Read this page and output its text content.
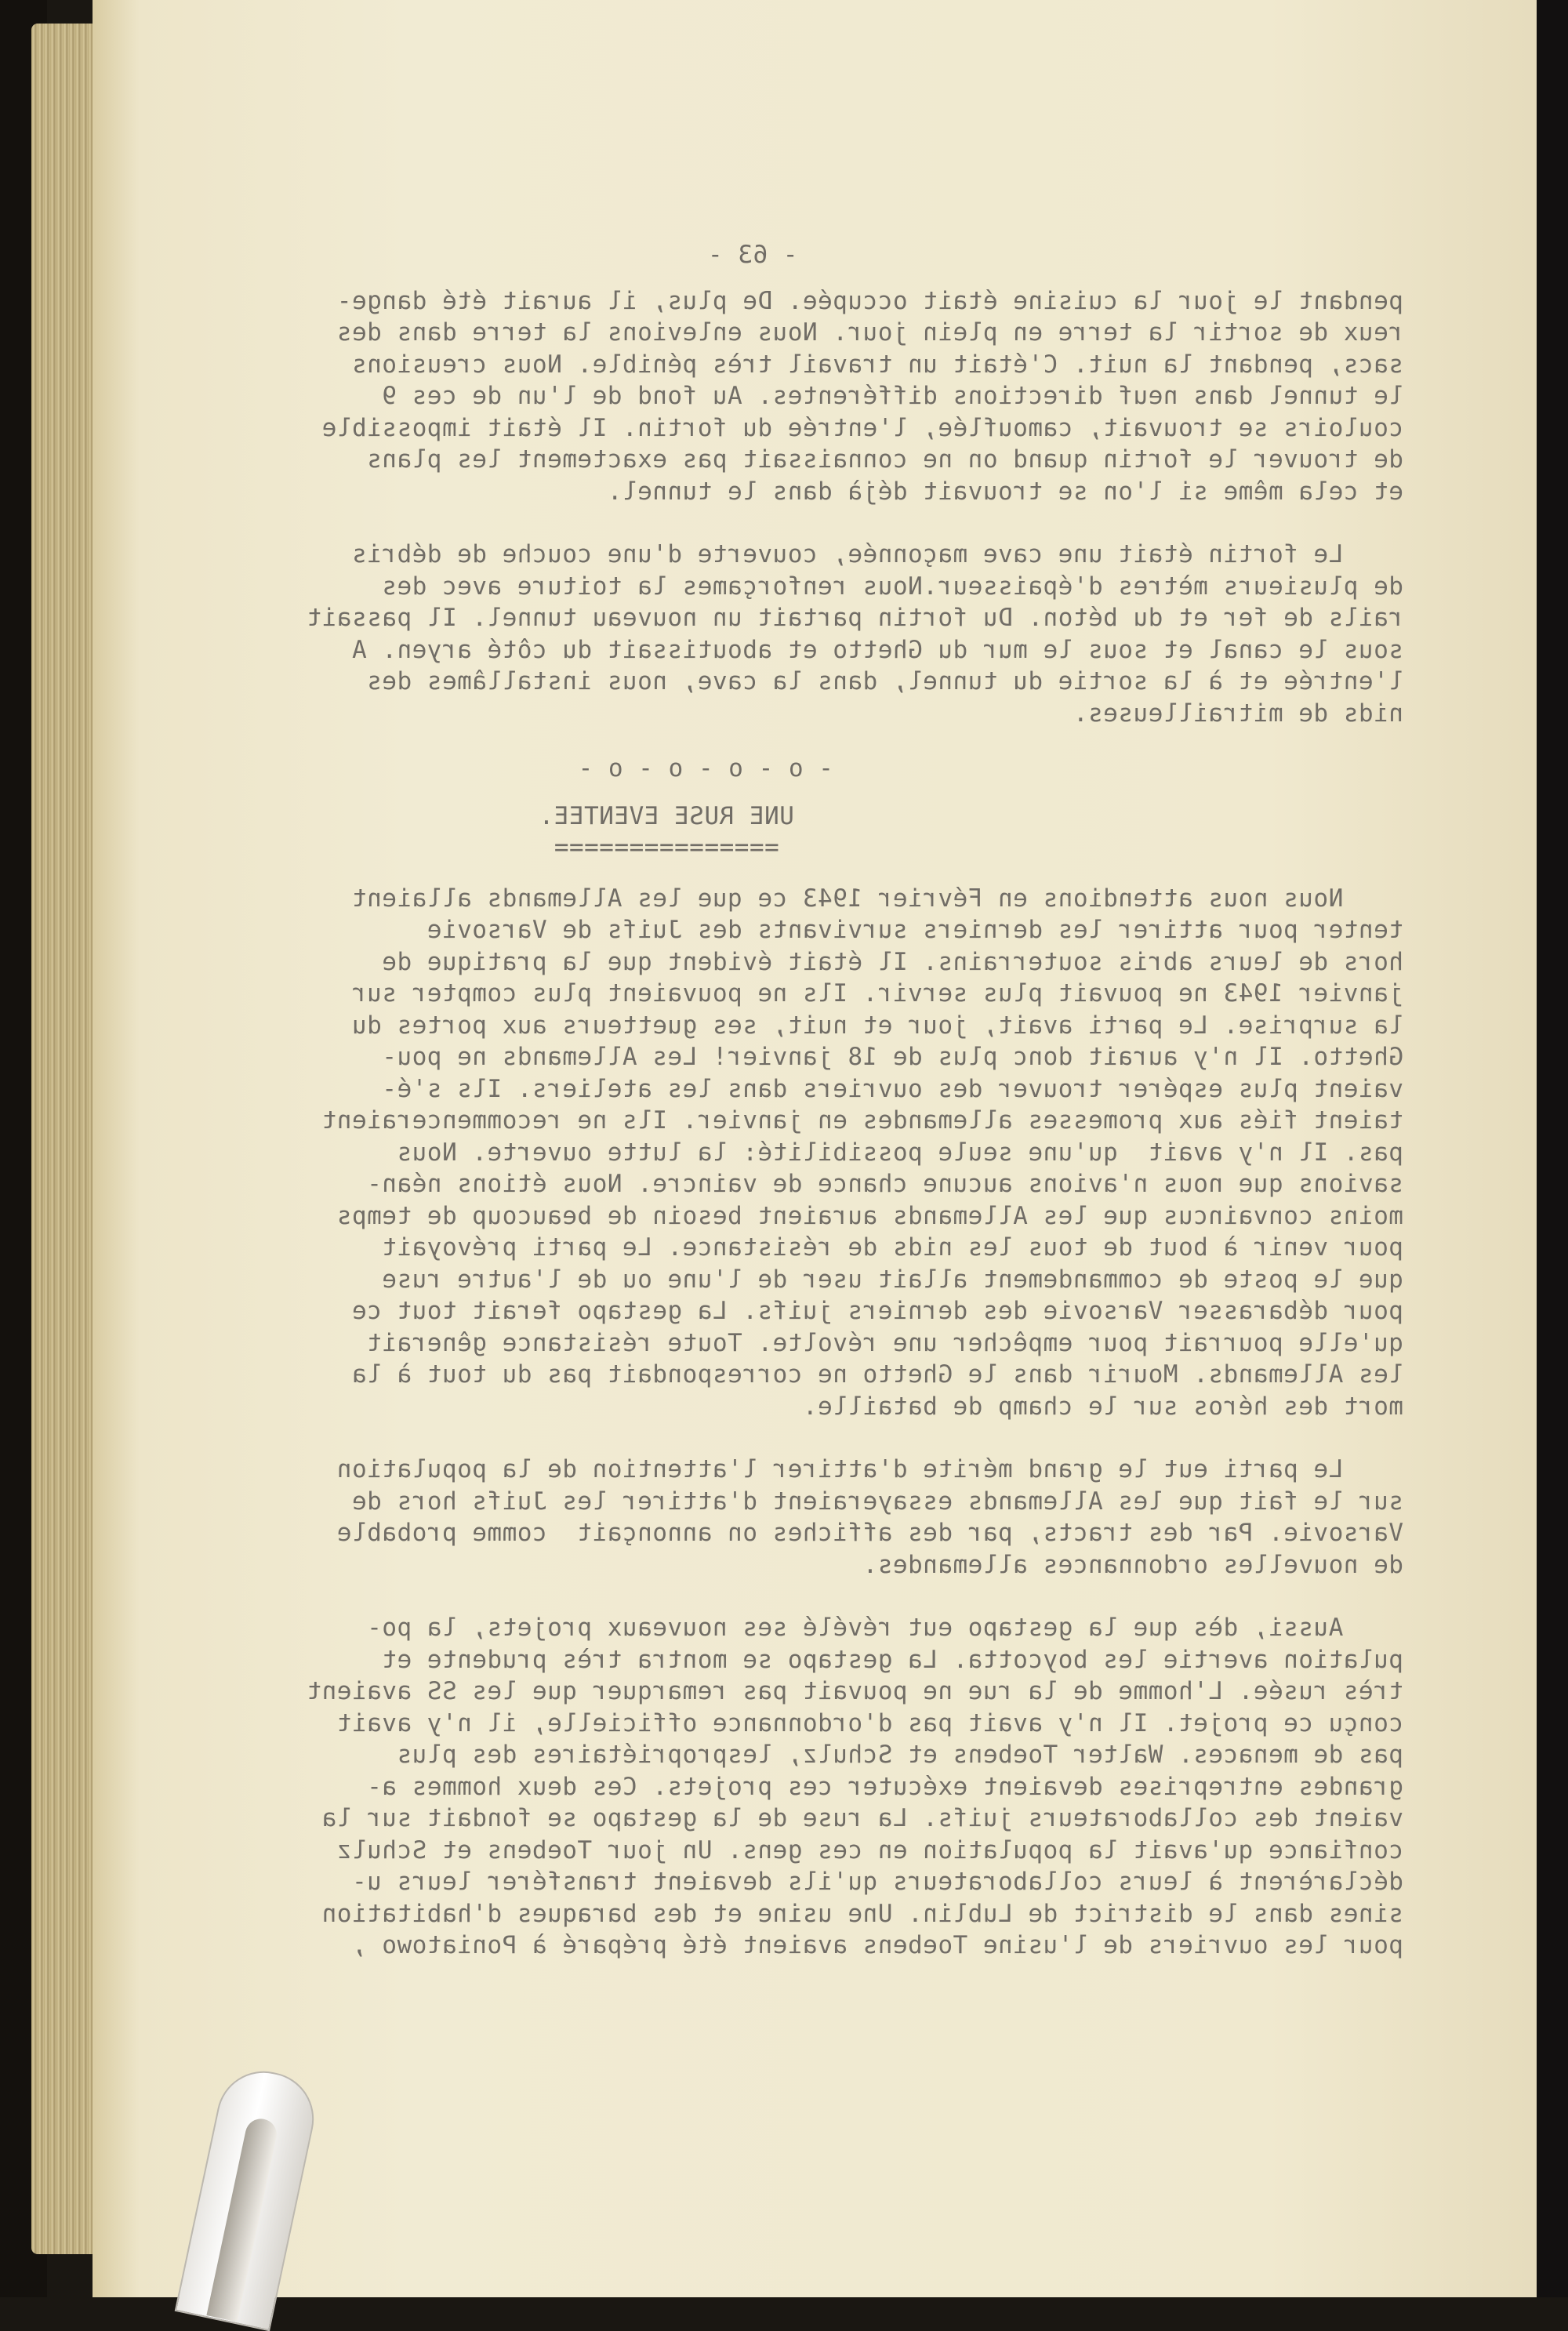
- 63 -

pendant le jour la cuisine était occupée. De plus, il aurait été dange-

reux de sortir la terre en plein jour. Nous enlevions la terre dans des

sacs, pendant la nuit. C'était un travail très pénible. Nous creusions

le tunnel dans neuf directions différentes. Au fond de l'un de ces 9

couloirs se trouvait, camouflée, l'entrée du fortin. Il était impossible

de trouver le fortin quand on ne connaissait pas exactement les plans

et cela même si l'on se trouvait déjà dans le tunnel.

Le fortin était une cave maçonnée, couverte d'une couche de débris

de plusieurs mètres d'épaisseur.Nous renforçames la toiture avec des

rails de fer et du béton. Du fortin partait un nouveau tunnel. Il passait

sous le canal et sous le mur du Ghetto et aboutissait du côté aryen. A

l'entrée et à la sortie du tunnel, dans la cave, nous installâmes des

nids de mitrailleuses.

- o - o - o - o -

UNE RUSE EVENTEE.

===============

Nous nous attendions en Février 1943 ce que les Allemands allaient

tenter pour attirer les derniers survivants des Juifs de Varsovie

hors de leurs abris souterrains. Il était évident que la pratique de

janvier 1943 ne pouvait plus servir. Ils ne pouvaient plus compter sur

la surprise. Le parti avait, jour et nuit, ses guetteurs aux portes du

Ghetto. Il n'y aurait donc plus de 18 janvier! Les Allemands ne pou-

vaient plus espérer trouver des ouvriers dans les ateliers. Ils s'é-

taient fiés aux promesses allemandes en janvier. Ils ne recommenceraient

pas. Il n'y avait  qu'une seule possibilité: la lutte ouverte. Nous

savions que nous n'avions aucune chance de vaincre. Nous étions néan-

moins convaincus que les Allemands auraient besoin de beaucoup de temps

pour venir à bout de tous les nids de résistance. Le parti prévoyait

que le poste de commandement allait user de l'une ou de l'autre ruse

pour débarasser Varsovie des derniers juifs. La gestapo ferait tout ce

qu'elle pourrait pour empêcher une révolte. Toute résistance gênerait

les Allemands. Mourir dans le Ghetto ne correspondait pas du tout à la

mort des héros sur le champ de bataille.

Le parti eut le grand mérite d'attirer l'attention de la population

sur le fait que les Allemands essayeraient d'attirer les Juifs hors de

Varsovie. Par des tracts, par des affiches on annonçait  comme probable

de nouvelles ordonnances allemandes.

Aussi, dès que la gestapo eut révélé ses nouveaux projets, la po-

pulation avertie les boycotta. La gestapo se montra très prudente et

très rusée. L'homme de la rue ne pouvait pas remarquer que les SS avaient

conçu ce projet. Il n'y avait pas d'ordonnance officielle, il n'y avait

pas de menaces. Walter Toebens et Schulz, lespropriétaires des plus

grandes entreprises devaient exécuter ces projets. Ces deux hommes a-

vaient des collaborateurs juifs. La ruse de la gestapo se fondait sur la

confiance qu'avait la population en ces gens. Un jour Toebens et Schulz

déclarèrent à leurs collaborateurs qu'ils devaient transférer leurs u-

sines dans le district de Lublin. Une usine et des baraques d'habitation

pour les ouvriers de l'usine Toebens avaient été préparé à Poniatowo ,
